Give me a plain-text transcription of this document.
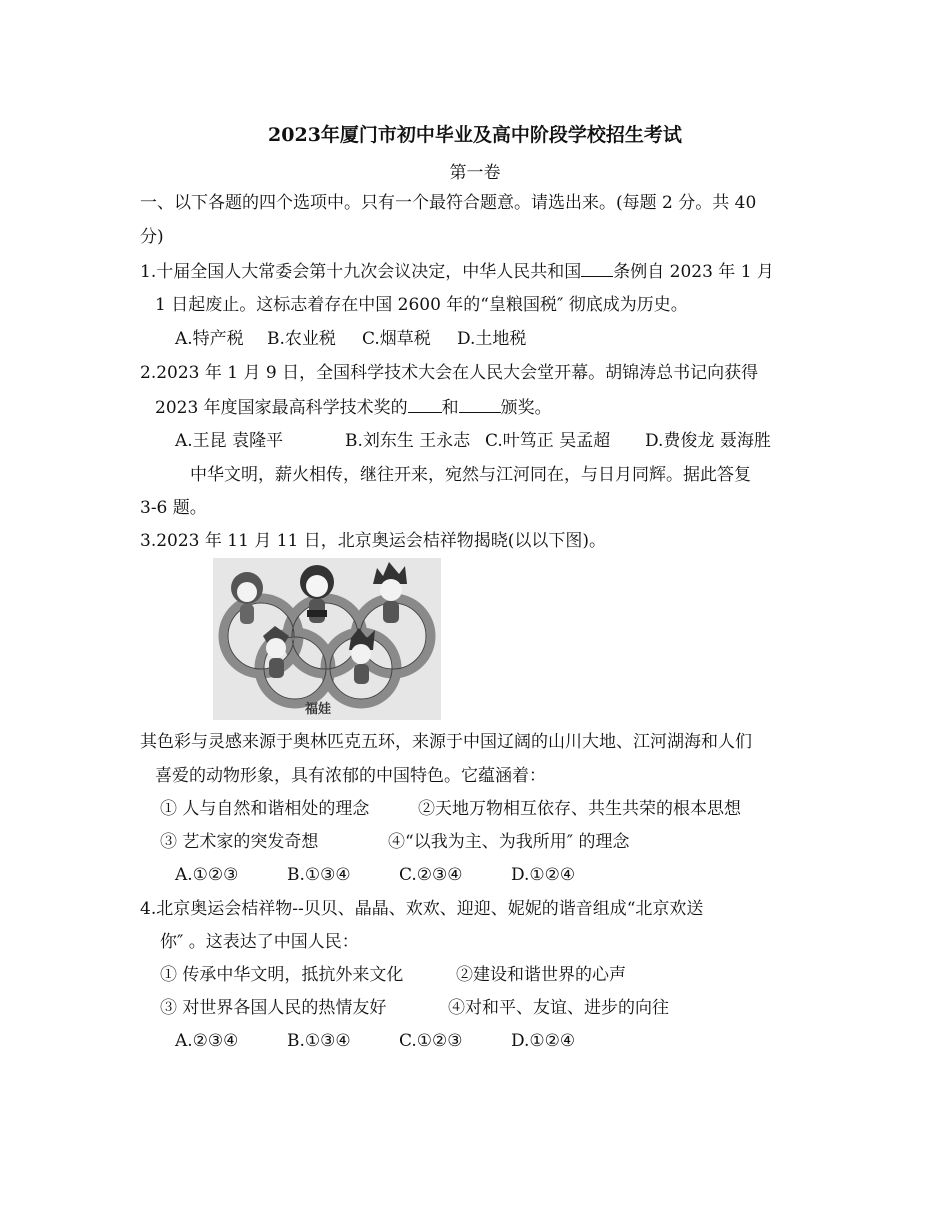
2023年厦门市初中毕业及高中阶段学校招生考试
第一卷
一、以下各题的四个选项中。只有一个最符合题意。请选出来。(每题 2 分。共 40
分)
1.十届全国人大常委会第十九次会议决定，中华人民共和国 条例自 2023 年 1 月
1 日起废止。这标志着存在中国 2600 年的“皇粮国税″ 彻底成为历史。
A.特产税 B.农业税 C.烟草税 D.土地税
2.2023 年 1 月 9 日，全国科学技术大会在人民大会堂开幕。胡锦涛总书记向获得
2023 年度国家最高科学技术奖的 和 颁奖。
A.王昆 袁隆平	B.刘东生 王永志 C.叶笃正 吴孟超 D.费俊龙 聂海胜
中华文明，薪火相传，继往开来，宛然与江河同在，与日月同辉。据此答复
3-6 题。
3.2023 年 11 月 11 日，北京奥运会桔祥物揭晓(以以下图)。
福娃
其色彩与灵感来源于奥林匹克五环，来源于中国辽阔的山川大地、江河湖海和人们
喜爱的动物形象，具有浓郁的中国特色。它蕴涵着：
① 人与自然和谐相处的理念	②天地万物相互依存、共生共荣的根本思想
③ 艺术家的突发奇想	④“以我为主、为我所用″ 的理念
A.①②③	B.①③④	C.②③④	D.①②④
4.北京奥运会桔祥物--贝贝、晶晶、欢欢、迎迎、妮妮的谐音组成“北京欢送
你″ 。这表达了中国人民：
① 传承中华文明，抵抗外来文化	②建设和谐世界的心声
③ 对世界各国人民的热情友好	④对和平、友谊、进步的向往
A.②③④	B.①③④	C.①②③	D.①②④
